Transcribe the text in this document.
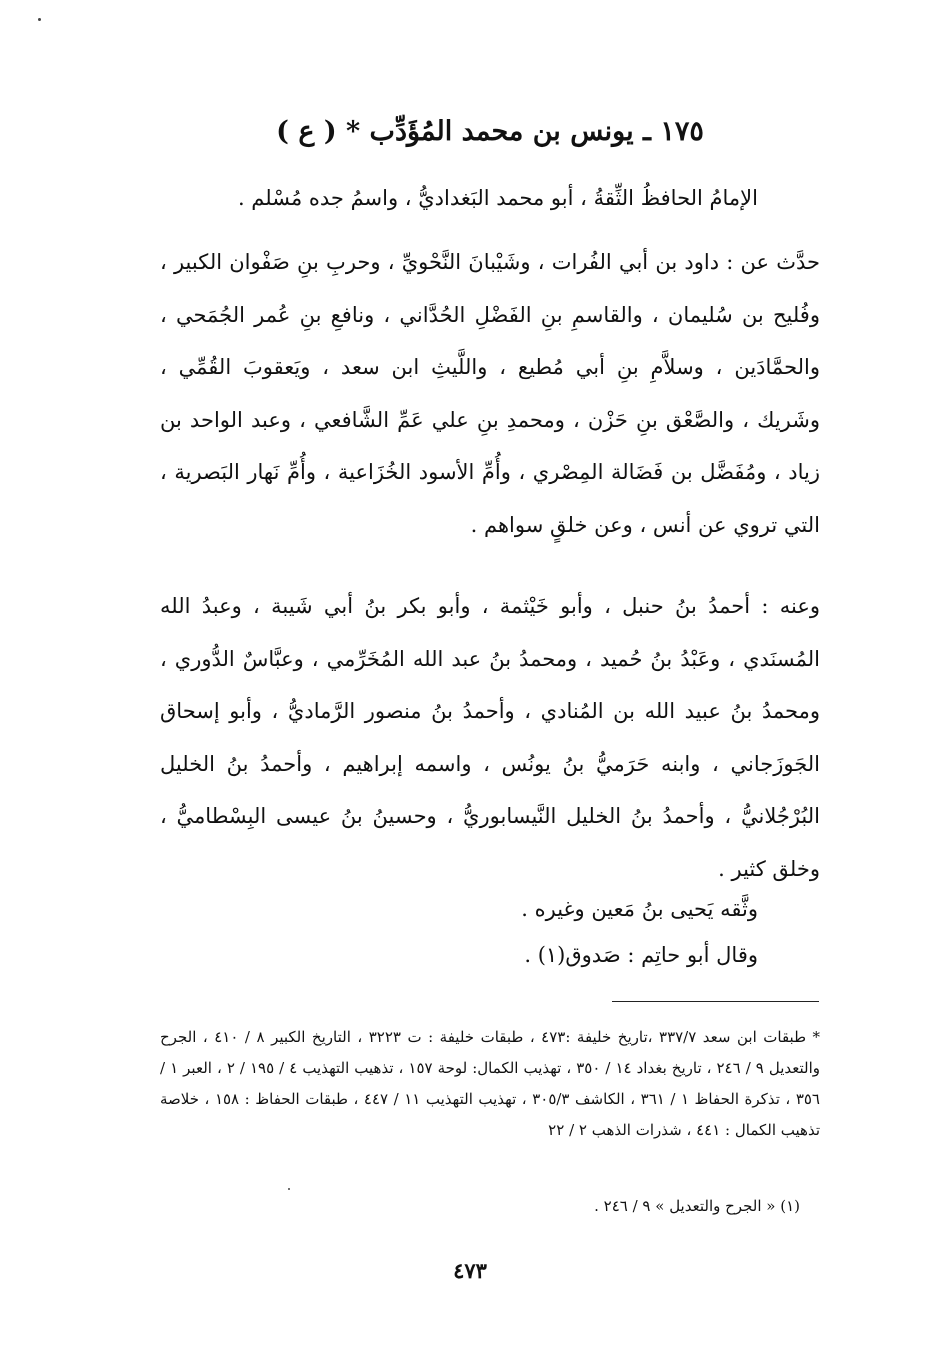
١٧٥ ـ يونس بن محمد المُؤَدِّب * ( ع )
الإمامُ الحافظُ الثِّقةُ ، أبو محمد البَغداديُّ ، واسمُ جده مُسْلم .
حدَّث عن : داود بن أبي الفُرات ، وشَيْبانَ النَّحْويِّ ، وحربِ بنِ صَفْوان الكبير ، وفُليح بن سُليمان ، والقاسمِ بنِ الفَضْلِ الحُدَّاني ، ونافعِ بنِ عُمر الجُمَحي ، والحمَّادَين ، وسلاَّمِ بنِ أبي مُطيع ، واللَّيثِ ابن سعد ، ويَعقوبَ القُمِّي ، وشَريك ، والصَّعْق بنِ حَزْن ، ومحمدِ بنِ علي عَمِّ الشَّافعي ، وعبد الواحد بن زياد ، ومُفَضَّل بن فَضَالة المِصْري ، وأُمِّ الأسود الخُزَاعية ، وأُمِّ نَهار البَصرية ، التي تروي عن أنس ، وعن خلقٍ سواهم .
وعنه : أحمدُ بنُ حنبل ، وأبو خَيْثمة ، وأبو بكر بنُ أبي شَيبة ، وعبدُ الله المُسنَدي ، وعَبْدُ بنُ حُميد ، ومحمدُ بنُ عبد الله المُخَرِّمي ، وعبَّاسٌ الدُّوري ، ومحمدُ بنُ عبيد الله بن المُنادي ، وأحمدُ بنُ منصور الرَّماديُّ ، وأبو إسحاق الجَوزَجاني ، وابنه حَرَميُّ بنُ يونُس ، واسمه إبراهيم ، وأحمدُ بنُ الخليل البُرْجُلانيُّ ، وأحمدُ بنُ الخليل النَّيسابوريُّ ، وحسينُ بنُ عيسى البِسْطاميُّ ، وخلق كثير .
وثَّقه يَحيى بنُ مَعين وغيره .
وقال أبو حاتِم : صَدوق(١) .
* طبقات ابن سعد ٣٣٧/٧ ،تاريخ خليفة :٤٧٣ ، طبقات خليفة : ت ٣٢٢٣ ، التاريخ الكبير ٨ / ٤١٠ ، الجرح والتعديل ٩ / ٢٤٦ ، تاريخ بغداد ١٤ / ٣٥٠ ، تهذيب الكمال: لوحة ١٥٧ ، تذهيب التهذيب ٤ / ١٩٥ / ٢ ، العبر ١ / ٣٥٦ ، تذكرة الحفاظ ١ / ٣٦١ ، الكاشف ٣٠٥/٣ ، تهذيب التهذيب ١١ / ٤٤٧ ، طبقات الحفاظ : ١٥٨ ، خلاصة تذهيب الكمال : ٤٤١ ، شذرات الذهب ٢ / ٢٢
(١) « الجرح والتعديل » ٩ / ٢٤٦ .
٤٧٣
